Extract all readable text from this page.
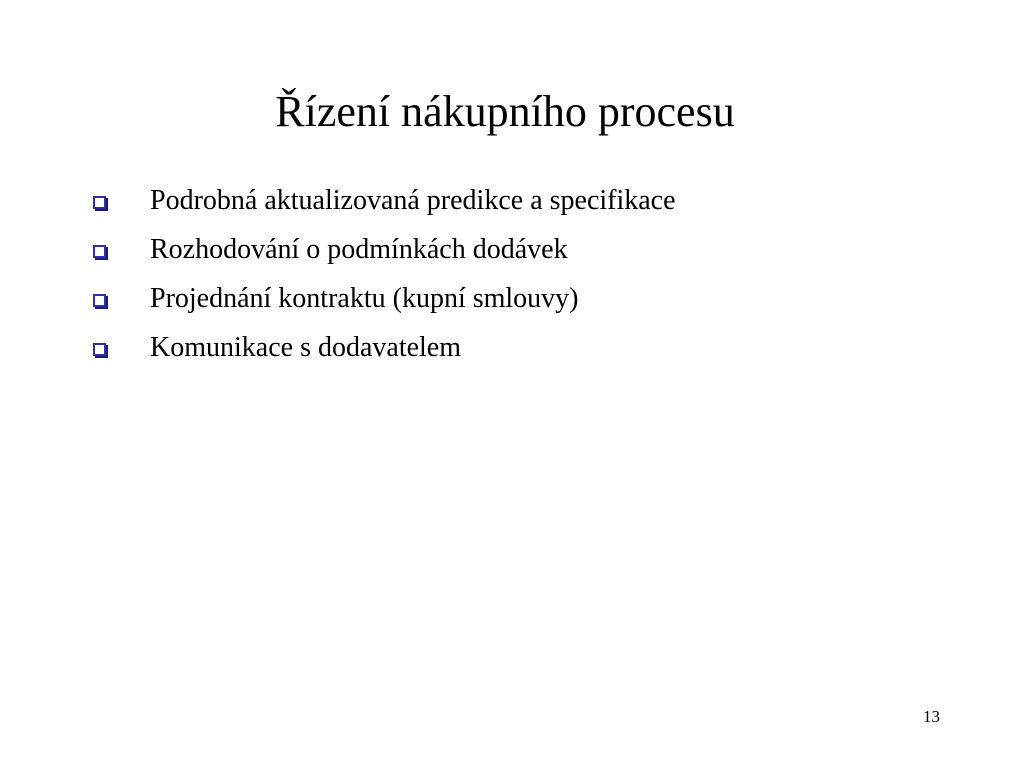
Řízení nákupního procesu
Podrobná aktualizovaná predikce a specifikace
Rozhodování o podmínkách dodávek
Projednání kontraktu (kupní smlouvy)
Komunikace s dodavatelem
13
